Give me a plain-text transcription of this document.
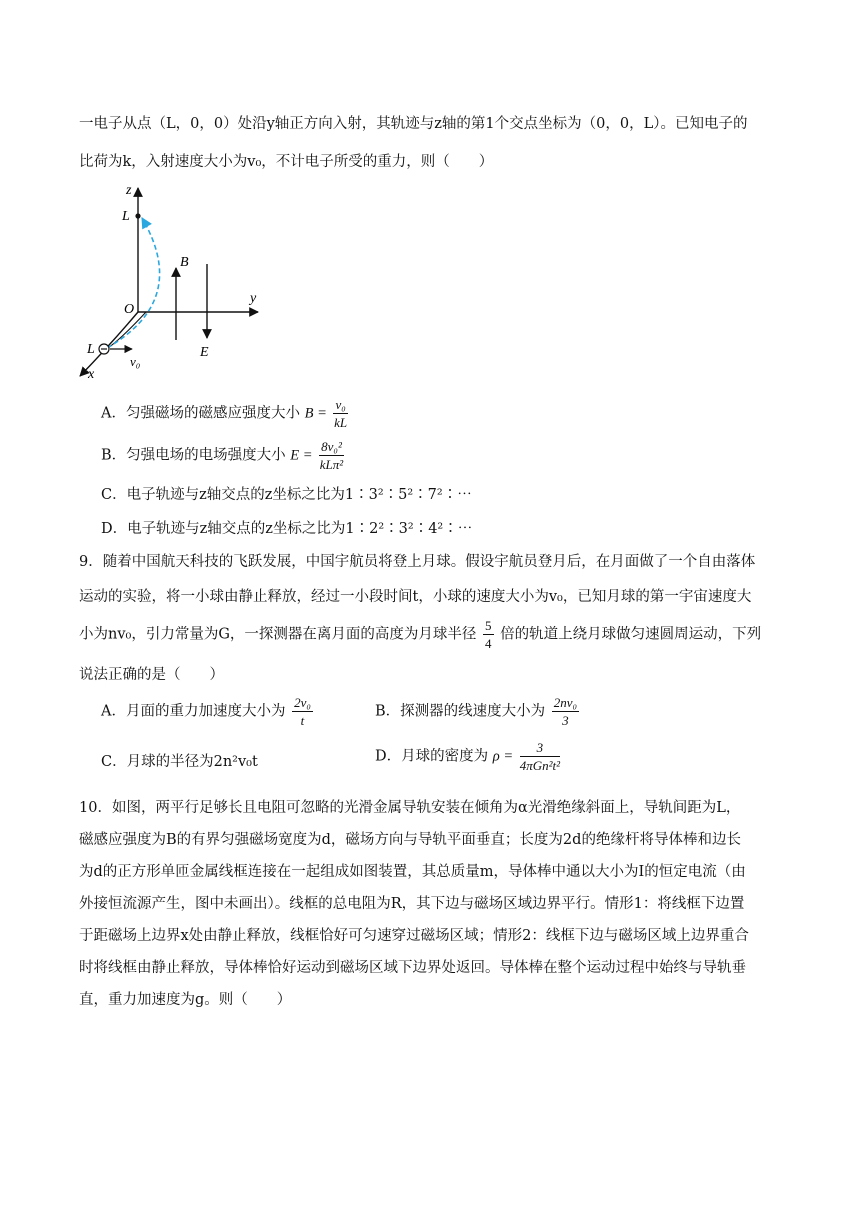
一电子从点（L，0，0）处沿y轴正方向入射，其轨迹与z轴的第1个交点坐标为（0，0，L）。已知电子的
比荷为k，入射速度大小为v₀，不计电子所受的重力，则（　　）
z
L
O
B
E
y
L
v₀
x
A．匀强磁场的磁感应强度大小 $B = \frac{\text{v₀}}{kL}$
B．匀强电场的电场强度大小 $E = \frac{\text{8v₀²}}{\text{kLπ²}}$
C．电子轨迹与z轴交点的z坐标之比为1∶3²∶5²∶7²∶⋯
D．电子轨迹与z轴交点的z坐标之比为1∶2²∶3²∶4²∶⋯
9．随着中国航天科技的飞跃发展，中国宇航员将登上月球。假设宇航员登月后，在月面做了一个自由落体
运动的实验，将一小球由静止释放，经过一小段时间t，小球的速度大小为v₀，已知月球的第一宇宙速度大
小为nv₀，引力常量为G，一探测器在离月面的高度为月球半径 $\frac{5}{4}$ 倍的轨道上绕月球做匀速圆周运动，下列
说法正确的是（　　）
A．月面的重力加速度大小为 $\frac{\text{2v₀}}{t}$	B．探测器的线速度大小为 $\frac{\text{2nv₀}}{3}$
C．月球的半径为2n²v₀t	D．月球的密度为 $\rho = \frac{3}{\text{4πGn²t²}}$
10．如图，两平行足够长且电阻可忽略的光滑金属导轨安装在倾角为α光滑绝缘斜面上，导轨间距为L，
磁感应强度为B的有界匀强磁场宽度为d，磁场方向与导轨平面垂直；长度为2d的绝缘杆将导体棒和边长
为d的正方形单匝金属线框连接在一起组成如图装置，其总质量m，导体棒中通以大小为I的恒定电流（由
外接恒流源产生，图中未画出）。线框的总电阻为R，其下边与磁场区域边界平行。情形1：将线框下边置
于距磁场上边界x处由静止释放，线框恰好可匀速穿过磁场区域；情形2：线框下边与磁场区域上边界重合
时将线框由静止释放，导体棒恰好运动到磁场区域下边界处返回。导体棒在整个运动过程中始终与导轨垂
直，重力加速度为g。则（　　）
